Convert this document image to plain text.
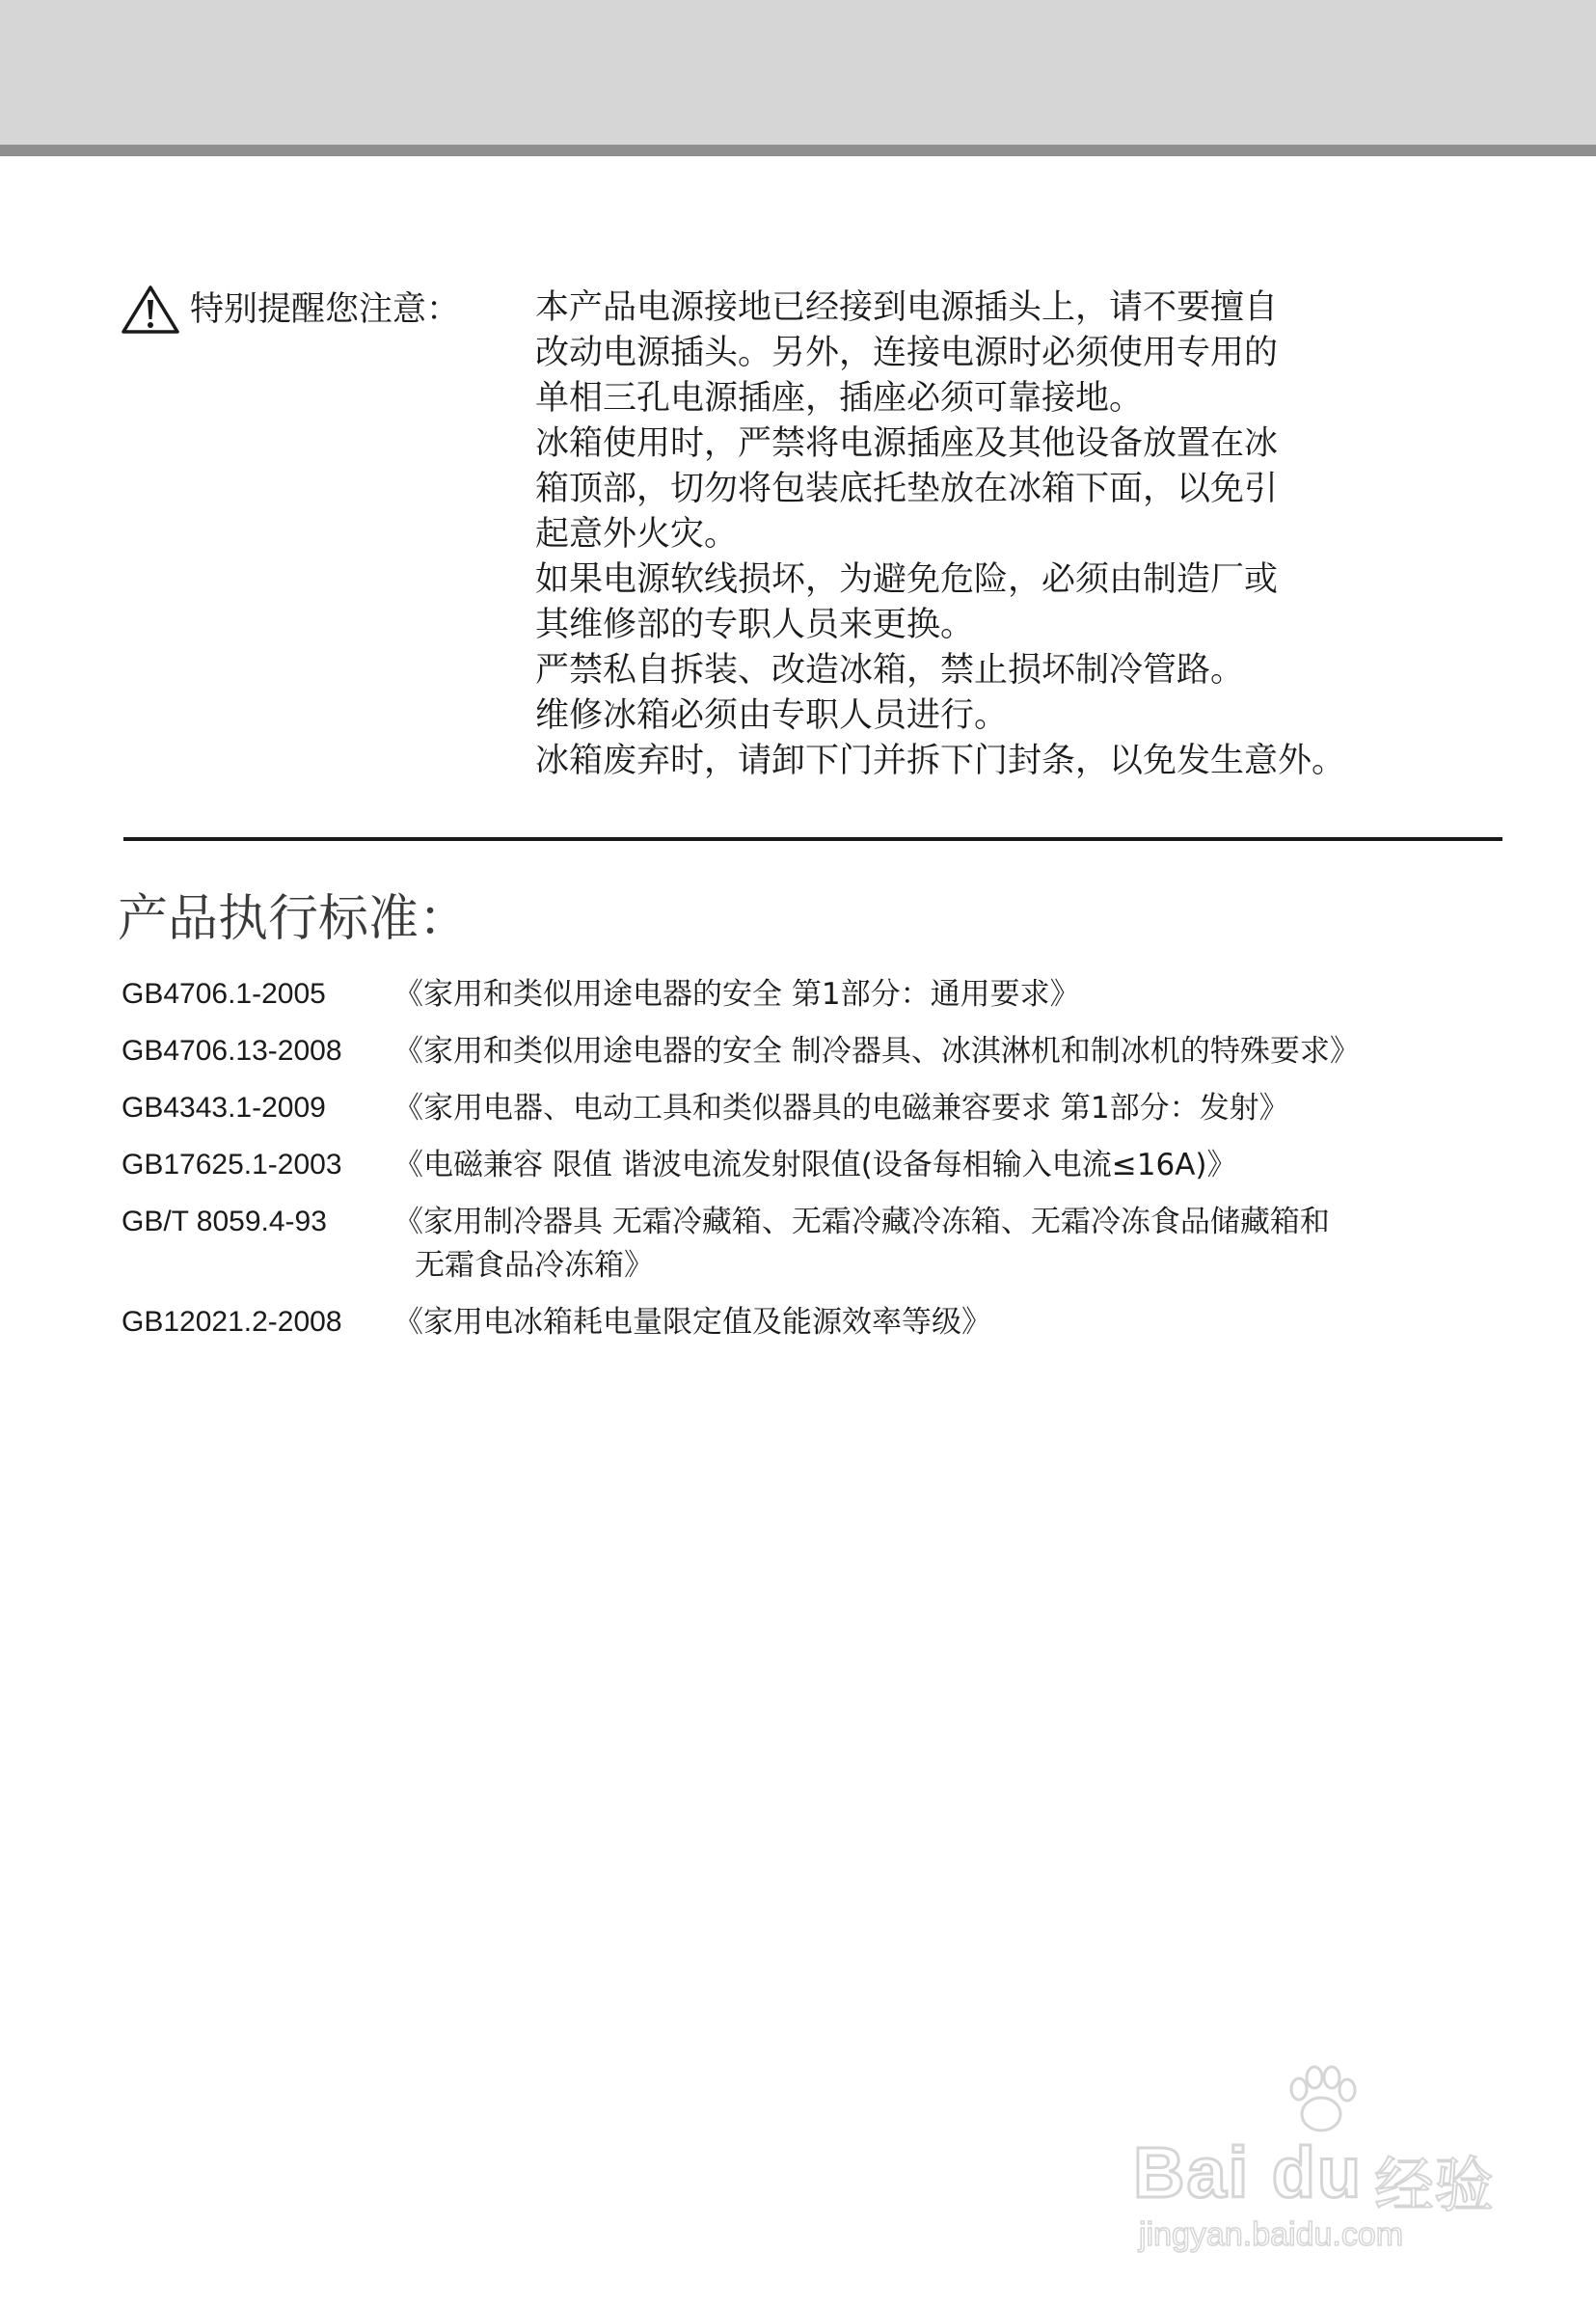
特别提醒您注意： 本产品电源接地已经接到电源插头上，请不要擅自
改动电源插头。另外，连接电源时必须使用专用的
单相三孔电源插座，插座必须可靠接地。
冰箱使用时，严禁将电源插座及其他设备放置在冰
箱顶部，切勿将包装底托垫放在冰箱下面，以免引
起意外火灾。
如果电源软线损坏，为避免危险，必须由制造厂或
其维修部的专职人员来更换。
严禁私自拆装、改造冰箱，禁止损坏制冷管路。
维修冰箱必须由专职人员进行。
冰箱废弃时，请卸下门并拆下门封条，以免发生意外。
产品执行标准：
GB4706.1-2005 《家用和类似用途电器的安全 第1部分：通用要求》
GB4706.13-2008 《家用和类似用途电器的安全 制冷器具、冰淇淋机和制冰机的特殊要求》
GB4343.1-2009 《家用电器、电动工具和类似器具的电磁兼容要求 第1部分：发射》
GB17625.1-2003 《电磁兼容 限值 谐波电流发射限值(设备每相输入电流≤16A)》
GB/T 8059.4-93 《家用制冷器具 无霜冷藏箱、无霜冷藏冷冻箱、无霜冷冻食品储藏箱和
无霜食品冷冻箱》
GB12021.2-2008 《家用电冰箱耗电量限定值及能源效率等级》
Bai du 经验
jingyan.baidu.com
